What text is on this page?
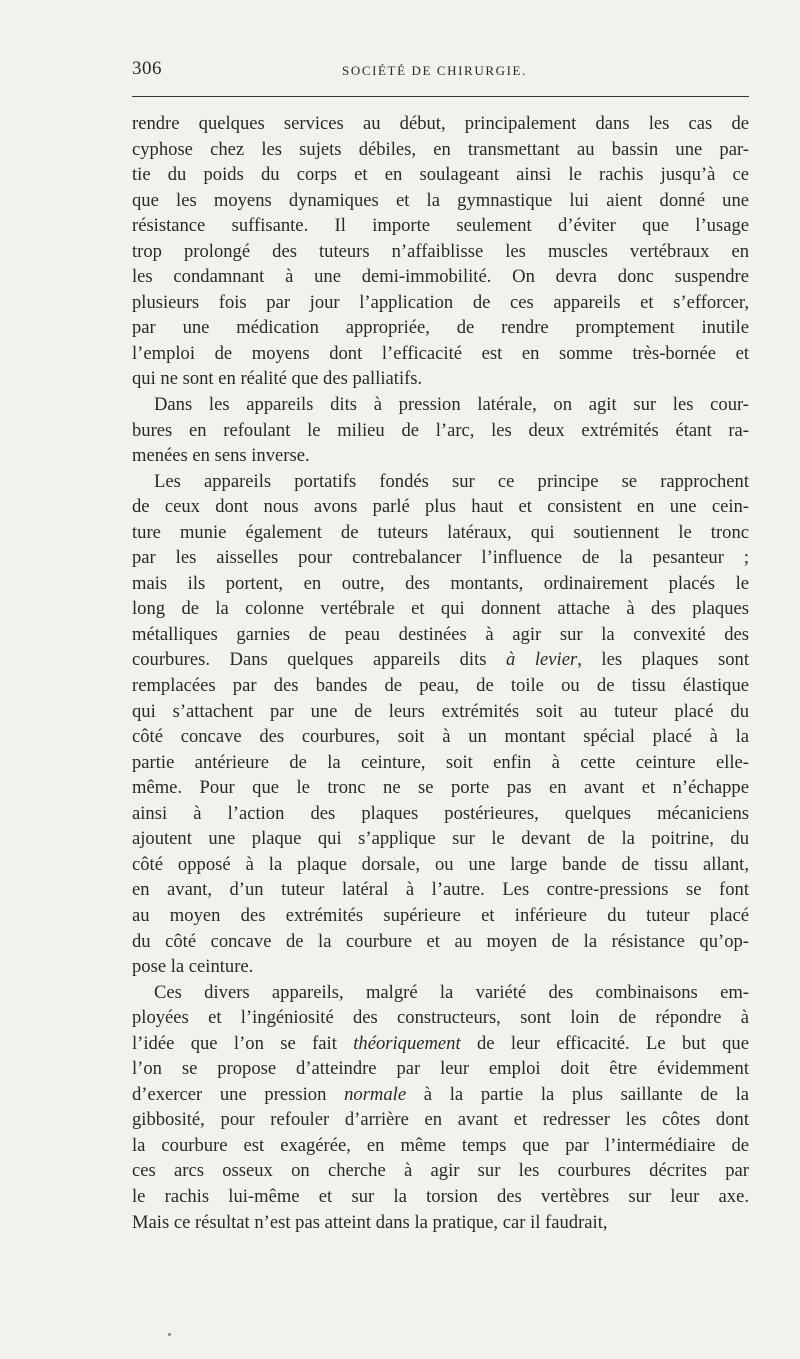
306	SOCIÉTÉ DE CHIRURGIE.
rendre quelques services au début, principalement dans les cas de
cyphose chez les sujets débiles, en transmettant au bassin une par-
tie du poids du corps et en soulageant ainsi le rachis jusqu’à ce
que les moyens dynamiques et la gymnastique lui aient donné une
résistance suffisante. Il importe seulement d’éviter que l’usage
trop prolongé des tuteurs n’affaiblisse les muscles vertébraux en
les condamnant à une demi-immobilité. On devra donc suspendre
plusieurs fois par jour l’application de ces appareils et s’efforcer,
par une médication appropriée, de rendre promptement inutile
l’emploi de moyens dont l’efficacité est en somme très-bornée et
qui ne sont en réalité que des palliatifs.
Dans les appareils dits à pression latérale, on agit sur les cour-
bures en refoulant le milieu de l’arc, les deux extrémités étant ra-
menées en sens inverse.
Les appareils portatifs fondés sur ce principe se rapprochent
de ceux dont nous avons parlé plus haut et consistent en une cein-
ture munie également de tuteurs latéraux, qui soutiennent le tronc
par les aisselles pour contrebalancer l’influence de la pesanteur ;
mais ils portent, en outre, des montants, ordinairement placés le
long de la colonne vertébrale et qui donnent attache à des plaques
métalliques garnies de peau destinées à agir sur la convexité des
courbures. Dans quelques appareils dits à levier, les plaques sont
remplacées par des bandes de peau, de toile ou de tissu élastique
qui s’attachent par une de leurs extrémités soit au tuteur placé du
côté concave des courbures, soit à un montant spécial placé à la
partie antérieure de la ceinture, soit enfin à cette ceinture elle-
même. Pour que le tronc ne se porte pas en avant et n’échappe
ainsi à l’action des plaques postérieures, quelques mécaniciens
ajoutent une plaque qui s’applique sur le devant de la poitrine, du
côté opposé à la plaque dorsale, ou une large bande de tissu allant,
en avant, d’un tuteur latéral à l’autre. Les contre-pressions se font
au moyen des extrémités supérieure et inférieure du tuteur placé
du côté concave de la courbure et au moyen de la résistance qu’op-
pose la ceinture.
Ces divers appareils, malgré la variété des combinaisons em-
ployées et l’ingéniosité des constructeurs, sont loin de répondre à
l’idée que l’on se fait théoriquement de leur efficacité. Le but que
l’on se propose d’atteindre par leur emploi doit être évidemment
d’exercer une pression normale à la partie la plus saillante de la
gibbosité, pour refouler d’arrière en avant et redresser les côtes dont
la courbure est exagérée, en même temps que par l’intermédiaire de
ces arcs osseux on cherche à agir sur les courbures décrites par
le rachis lui-même et sur la torsion des vertèbres sur leur axe.
Mais ce résultat n’est pas atteint dans la pratique, car il faudrait,
